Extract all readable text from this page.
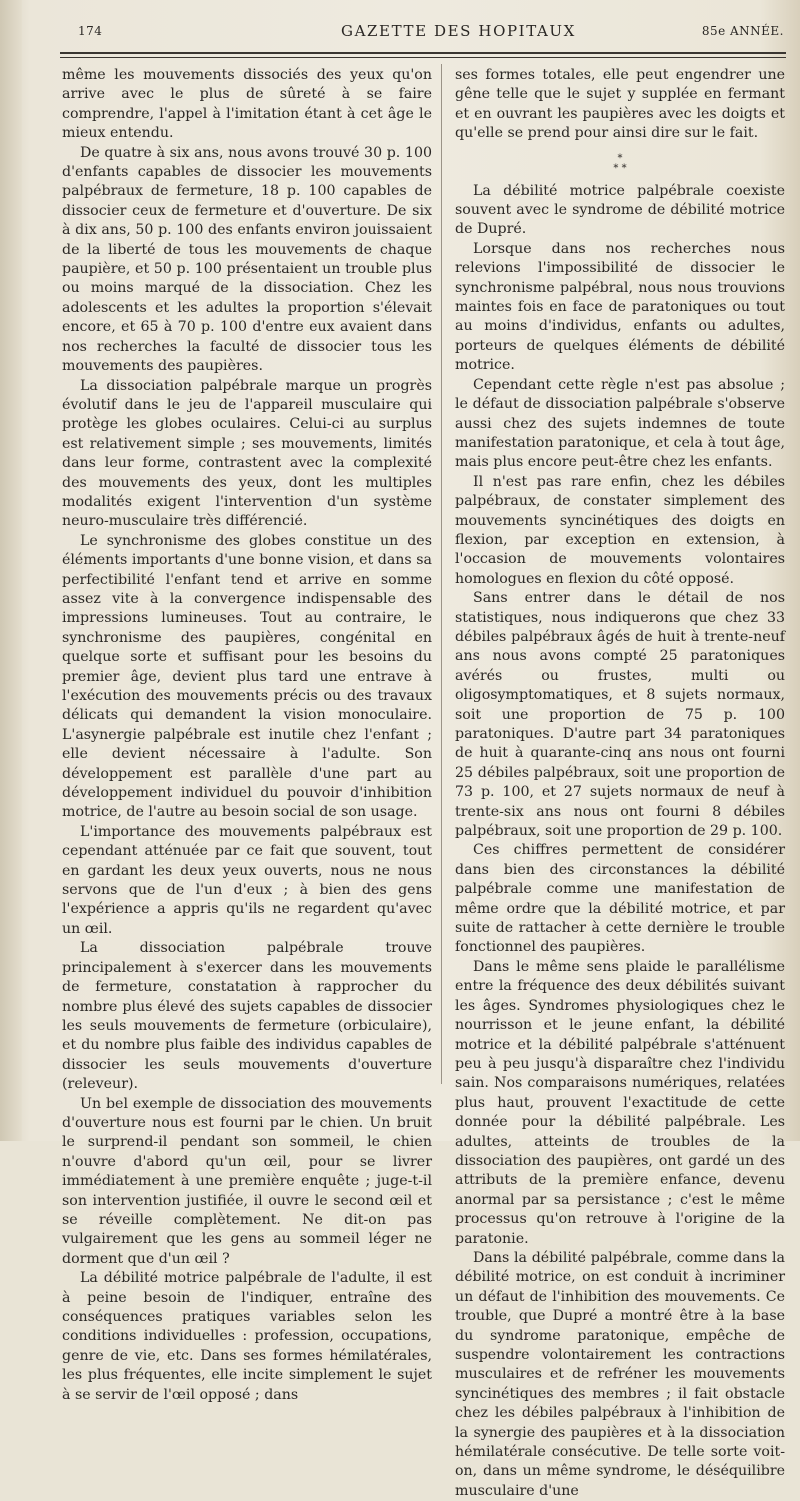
174	GAZETTE DES HOPITAUX	85e ANNÉE.

même les mouvements dissociés des yeux qu'on arrive avec le plus de sûreté à se faire comprendre, l'appel à l'imitation étant à cet âge le mieux entendu.

De quatre à six ans, nous avons trouvé 30 p. 100 d'enfants capables de dissocier les mouvements palpébraux de fermeture, 18 p. 100 capables de dissocier ceux de fermeture et d'ouverture. De six à dix ans, 50 p. 100 des enfants environ jouissaient de la liberté de tous les mouvements de chaque paupière, et 50 p. 100 présentaient un trouble plus ou moins marqué de la dissociation. Chez les adolescents et les adultes la proportion s'élevait encore, et 65 à 70 p. 100 d'entre eux avaient dans nos recherches la faculté de dissocier tous les mouvements des paupières.

La dissociation palpébrale marque un progrès évolutif dans le jeu de l'appareil musculaire qui protège les globes oculaires. Celui-ci au surplus est relativement simple ; ses mouvements, limités dans leur forme, contrastent avec la complexité des mouvements des yeux, dont les multiples modalités exigent l'intervention d'un système neuro-musculaire très différencié.

Le synchronisme des globes constitue un des éléments importants d'une bonne vision, et dans sa perfectibilité l'enfant tend et arrive en somme assez vite à la convergence indispensable des impressions lumineuses. Tout au contraire, le synchronisme des paupières, congénital en quelque sorte et suffisant pour les besoins du premier âge, devient plus tard une entrave à l'exécution des mouvements précis ou des travaux délicats qui demandent la vision monoculaire. L'asynergie palpébrale est inutile chez l'enfant ; elle devient nécessaire à l'adulte. Son développement est parallèle d'une part au développement individuel du pouvoir d'inhibition motrice, de l'autre au besoin social de son usage.

L'importance des mouvements palpébraux est cependant atténuée par ce fait que souvent, tout en gardant les deux yeux ouverts, nous ne nous servons que de l'un d'eux ; à bien des gens l'expérience a appris qu'ils ne regardent qu'avec un œil.

La dissociation palpébrale trouve principalement à s'exercer dans les mouvements de fermeture, constatation à rapprocher du nombre plus élevé des sujets capables de dissocier les seuls mouvements de fermeture (orbiculaire), et du nombre plus faible des individus capables de dissocier les seuls mouvements d'ouverture (releveur).

Un bel exemple de dissociation des mouvements d'ouverture nous est fourni par le chien. Un bruit le surprend-il pendant son sommeil, le chien n'ouvre d'abord qu'un œil, pour se livrer immédiatement à une première enquête ; juge-t-il son intervention justifiée, il ouvre le second œil et se réveille complètement. Ne dit-on pas vulgairement que les gens au sommeil léger ne dorment que d'un œil ?

La débilité motrice palpébrale de l'adulte, il est à peine besoin de l'indiquer, entraîne des conséquences pratiques variables selon les conditions individuelles : profession, occupations, genre de vie, etc. Dans ses formes hémilatérales, les plus fréquentes, elle incite simplement le sujet à se servir de l'œil opposé ; dans

ses formes totales, elle peut engendrer une gêne telle que le sujet y supplée en fermant et en ouvrant les paupières avec les doigts et qu'elle se prend pour ainsi dire sur le fait.

*
* *

La débilité motrice palpébrale coexiste souvent avec le syndrome de débilité motrice de Dupré.

Lorsque dans nos recherches nous relevions l'impossibilité de dissocier le synchronisme palpébral, nous nous trouvions maintes fois en face de paratoniques ou tout au moins d'individus, enfants ou adultes, porteurs de quelques éléments de débilité motrice.

Cependant cette règle n'est pas absolue ; le défaut de dissociation palpébrale s'observe aussi chez des sujets indemnes de toute manifestation paratonique, et cela à tout âge, mais plus encore peut-être chez les enfants.

Il n'est pas rare enfin, chez les débiles palpébraux, de constater simplement des mouvements syncinétiques des doigts en flexion, par exception en extension, à l'occasion de mouvements volontaires homologues en flexion du côté opposé.

Sans entrer dans le détail de nos statistiques, nous indiquerons que chez 33 débiles palpébraux âgés de huit à trente-neuf ans nous avons compté 25 paratoniques avérés ou frustes, multi ou oligosymptomatiques, et 8 sujets normaux, soit une proportion de 75 p. 100 paratoniques. D'autre part 34 paratoniques de huit à quarante-cinq ans nous ont fourni 25 débiles palpébraux, soit une proportion de 73 p. 100, et 27 sujets normaux de neuf à trente-six ans nous ont fourni 8 débiles palpébraux, soit une proportion de 29 p. 100.

Ces chiffres permettent de considérer dans bien des circonstances la débilité palpébrale comme une manifestation de même ordre que la débilité motrice, et par suite de rattacher à cette dernière le trouble fonctionnel des paupières.

Dans le même sens plaide le parallélisme entre la fréquence des deux débilités suivant les âges. Syndromes physiologiques chez le nourrisson et le jeune enfant, la débilité motrice et la débilité palpébrale s'atténuent peu à peu jusqu'à disparaître chez l'individu sain. Nos comparaisons numériques, relatées plus haut, prouvent l'exactitude de cette donnée pour la débilité palpébrale. Les adultes, atteints de troubles de la dissociation des paupières, ont gardé un des attributs de la première enfance, devenu anormal par sa persistance ; c'est le même processus qu'on retrouve à l'origine de la paratonie.

Dans la débilité palpébrale, comme dans la débilité motrice, on est conduit à incriminer un défaut de l'inhibition des mouvements. Ce trouble, que Dupré a montré être à la base du syndrome paratonique, empêche de suspendre volontairement les contractions musculaires et de refréner les mouvements syncinétiques des membres ; il fait obstacle chez les débiles palpébraux à l'inhibition de la synergie des paupières et à la dissociation hémilatérale consécutive. De telle sorte voit-on, dans un même syndrome, le déséquilibre musculaire d'une
